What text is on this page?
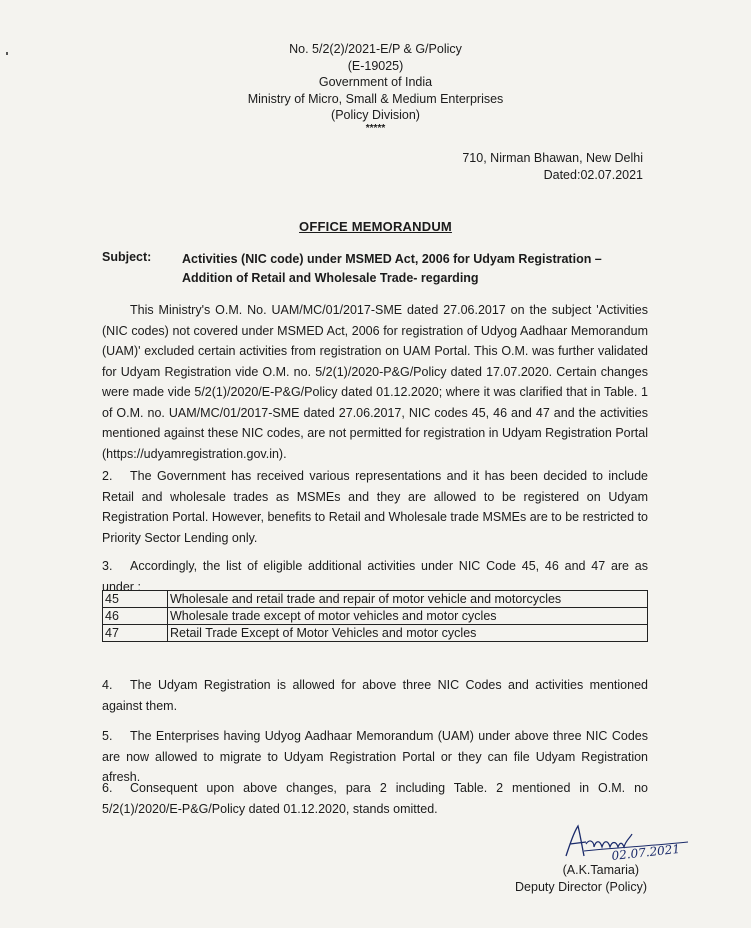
No. 5/2(2)/2021-E/P & G/Policy
(E-19025)
Government of India
Ministry of Micro, Small & Medium Enterprises
(Policy Division)
*****
710, Nirman Bhawan, New Delhi
Dated:02.07.2021
OFFICE MEMORANDUM
Subject: Activities (NIC code) under MSMED Act, 2006 for Udyam Registration –Addition of Retail and Wholesale Trade- regarding
This Ministry's O.M. No. UAM/MC/01/2017-SME dated 27.06.2017 on the subject 'Activities (NIC codes) not covered under MSMED Act, 2006 for registration of Udyog Aadhaar Memorandum (UAM)' excluded certain activities from registration on UAM Portal. This O.M. was further validated for Udyam Registration vide O.M. no. 5/2(1)/2020-P&G/Policy dated 17.07.2020. Certain changes were made vide 5/2(1)/2020/E-P&G/Policy dated 01.12.2020; where it was clarified that in Table. 1 of O.M. no. UAM/MC/01/2017-SME dated 27.06.2017, NIC codes 45, 46 and 47 and the activities mentioned against these NIC codes, are not permitted for registration in Udyam Registration Portal (https://udyamregistration.gov.in).
2. The Government has received various representations and it has been decided to include Retail and wholesale trades as MSMEs and they are allowed to be registered on Udyam Registration Portal. However, benefits to Retail and Wholesale trade MSMEs are to be restricted to Priority Sector Lending only.
3. Accordingly, the list of eligible additional activities under NIC Code 45, 46 and 47 are as under :
45	Wholesale and retail trade and repair of motor vehicle and motorcycles
46	Wholesale trade except of motor vehicles and motor cycles
47	Retail Trade Except of Motor Vehicles and motor cycles
4. The Udyam Registration is allowed for above three NIC Codes and activities mentioned against them.
5. The Enterprises having Udyog Aadhaar Memorandum (UAM) under above three NIC Codes are now allowed to migrate to Udyam Registration Portal or they can file Udyam Registration afresh.
6. Consequent upon above changes, para 2 including Table. 2 mentioned in O.M. no 5/2(1)/2020/E-P&G/Policy dated 01.12.2020, stands omitted.
02.07.2021
(A.K.Tamaria)
Deputy Director (Policy)
